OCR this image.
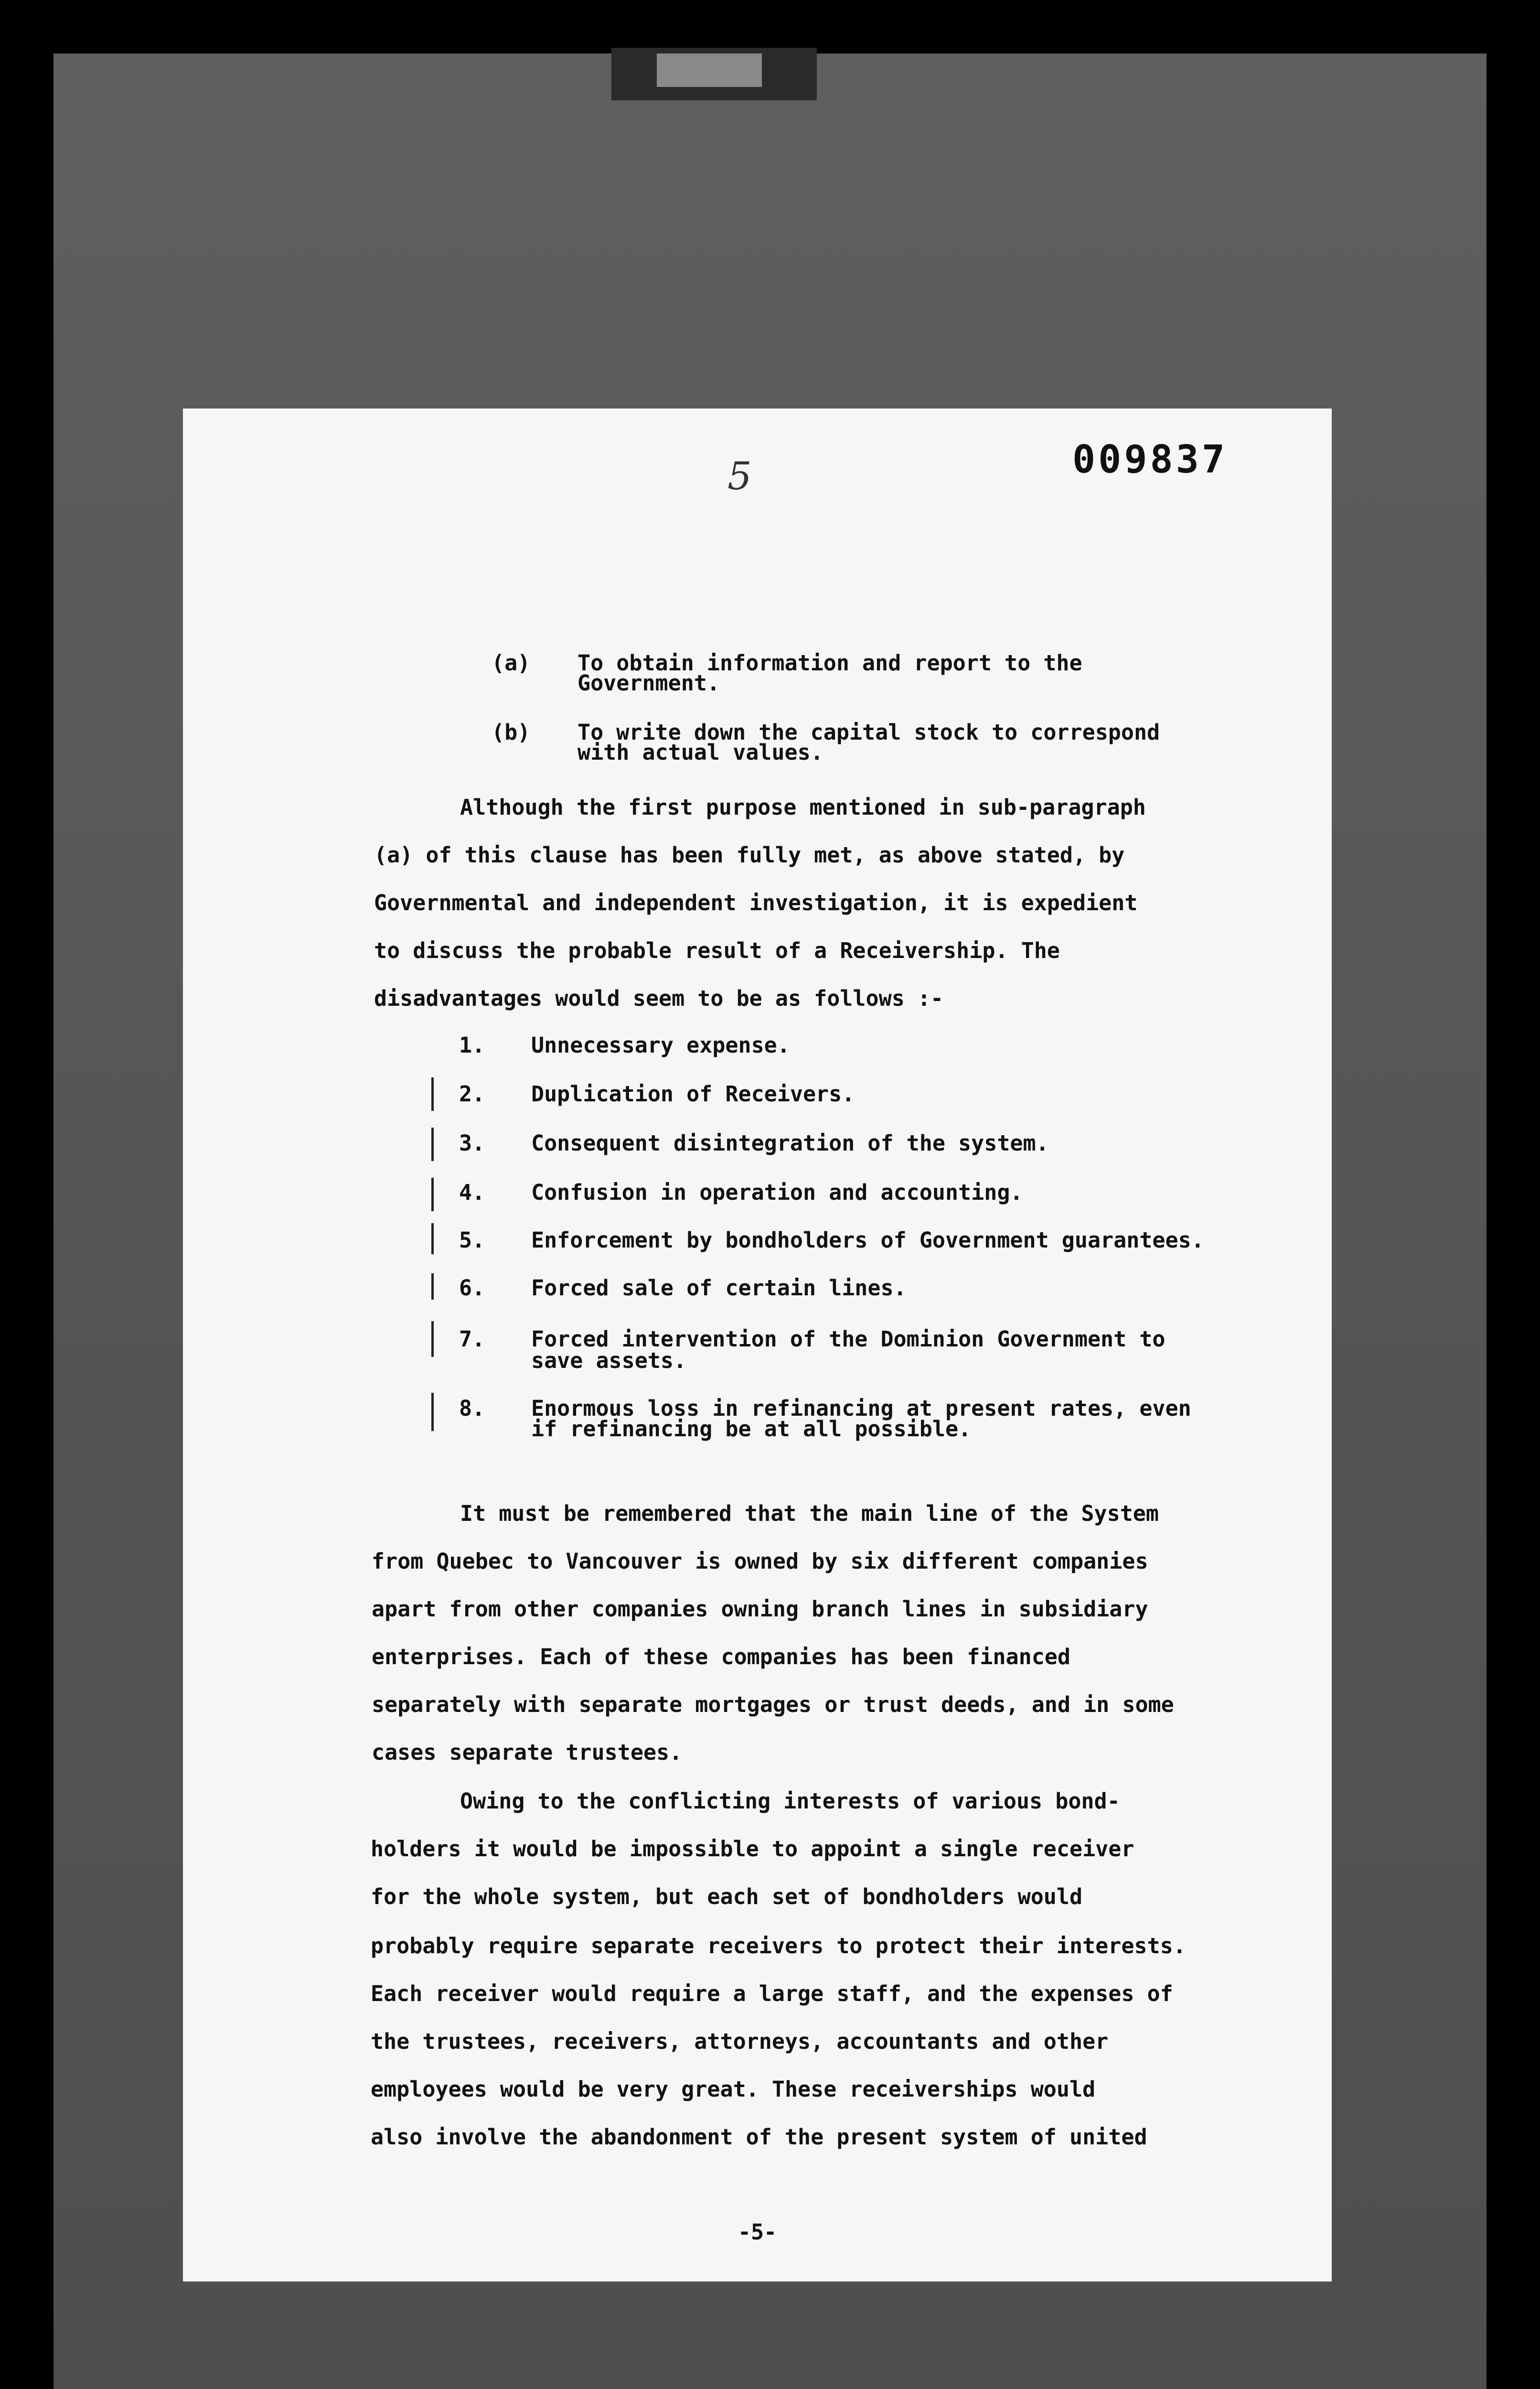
009837
5
(a) To obtain information and report to the
Government.
(b) To write down the capital stock to correspond
with actual values.
Although the first purpose mentioned in sub-paragraph
(a) of this clause has been fully met, as above stated, by
Governmental and independent investigation, it is expedient
to discuss the probable result of a Receivership. The
disadvantages would seem to be as follows :-
1. Unnecessary expense.
2. Duplication of Receivers.
3. Consequent disintegration of the system.
4. Confusion in operation and accounting.
5. Enforcement by bondholders of Government guarantees.
6. Forced sale of certain lines.
7. Forced intervention of the Dominion Government to
save assets.
8. Enormous loss in refinancing at present rates, even
if refinancing be at all possible.
It must be remembered that the main line of the System
from Quebec to Vancouver is owned by six different companies
apart from other companies owning branch lines in subsidiary
enterprises. Each of these companies has been financed
separately with separate mortgages or trust deeds, and in some
cases separate trustees.
Owing to the conflicting interests of various bond-
holders it would be impossible to appoint a single receiver
for the whole system, but each set of bondholders would
probably require separate receivers to protect their interests.
Each receiver would require a large staff, and the expenses of
the trustees, receivers, attorneys, accountants and other
employees would be very great. These receiverships would
also involve the abandonment of the present system of united
-5-
